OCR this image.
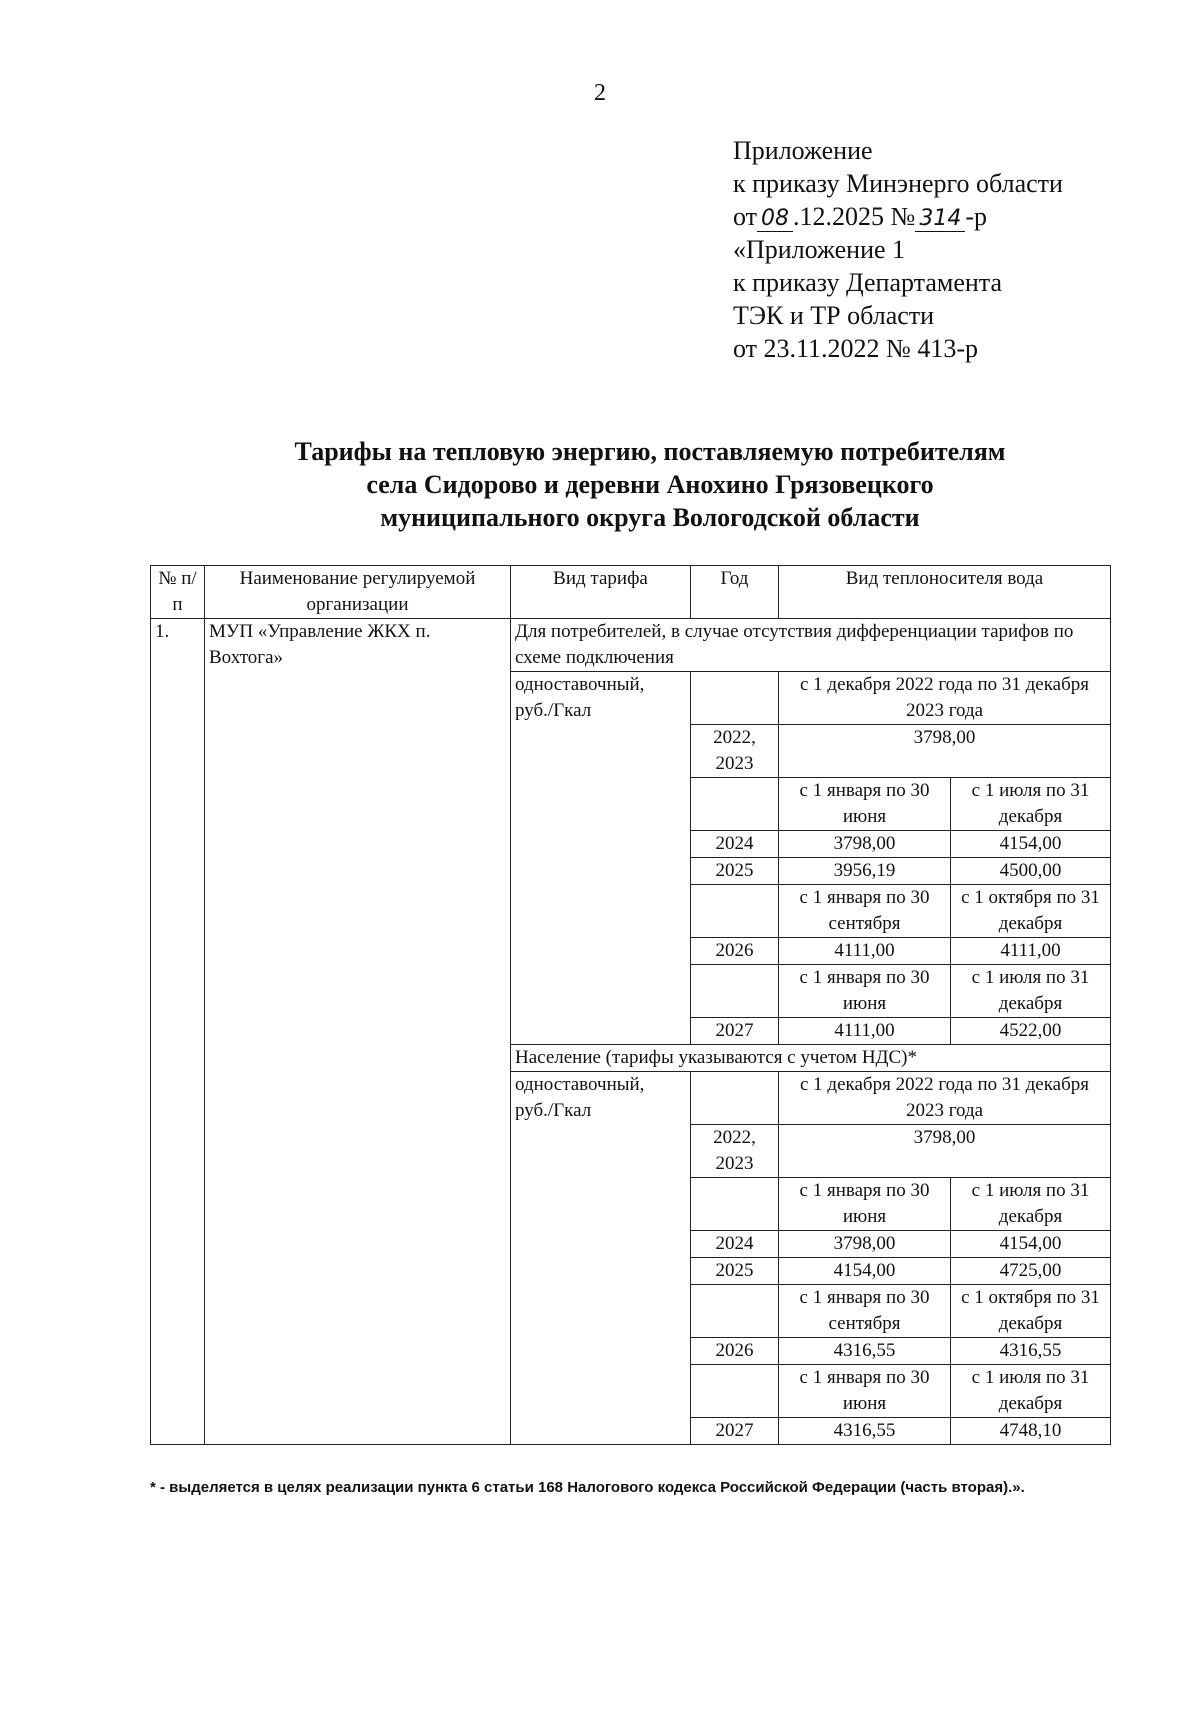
2
Приложение
к приказу Минэнерго области
от 08 .12.2025 № 314 -р
«Приложение 1
к приказу Департамента
ТЭК и ТР области
от 23.11.2022 № 413-р
Тарифы на тепловую энергию, поставляемую потребителям
села Сидорово и деревни Анохино Грязовецкого
муниципального округа Вологодской области
№ п/п	Наименование регулируемой организации	Вид тарифа	Год	Вид теплоносителя вода	
1.	МУП «Управление ЖКХ п. Вохтога»	Для потребителей, в случае отсутствия дифференциации тарифов по схеме подключения			
		одноставочный, руб./Гкал		с 1 декабря 2022 года по 31 декабря 2023 года	
			2022, 2023	3798,00	
				с 1 января по 30 июня	с 1 июля по 31 декабря
			2024	3798,00	4154,00
			2025	3956,19	4500,00
				с 1 января по 30 сентября	с 1 октября по 31 декабря
			2026	4111,00	4111,00
				с 1 января по 30 июня	с 1 июля по 31 декабря
			2027	4111,00	4522,00
		Население (тарифы указываются с учетом НДС)*			
		одноставочный, руб./Гкал		с 1 декабря 2022 года по 31 декабря 2023 года	
			2022, 2023	3798,00	
				с 1 января по 30 июня	с 1 июля по 31 декабря
			2024	3798,00	4154,00
			2025	4154,00	4725,00
				с 1 января по 30 сентября	с 1 октября по 31 декабря
			2026	4316,55	4316,55
				с 1 января по 30 июня	с 1 июля по 31 декабря
			2027	4316,55	4748,10
* - выделяется в целях реализации пункта 6 статьи 168 Налогового кодекса Российской Федерации (часть вторая).».
